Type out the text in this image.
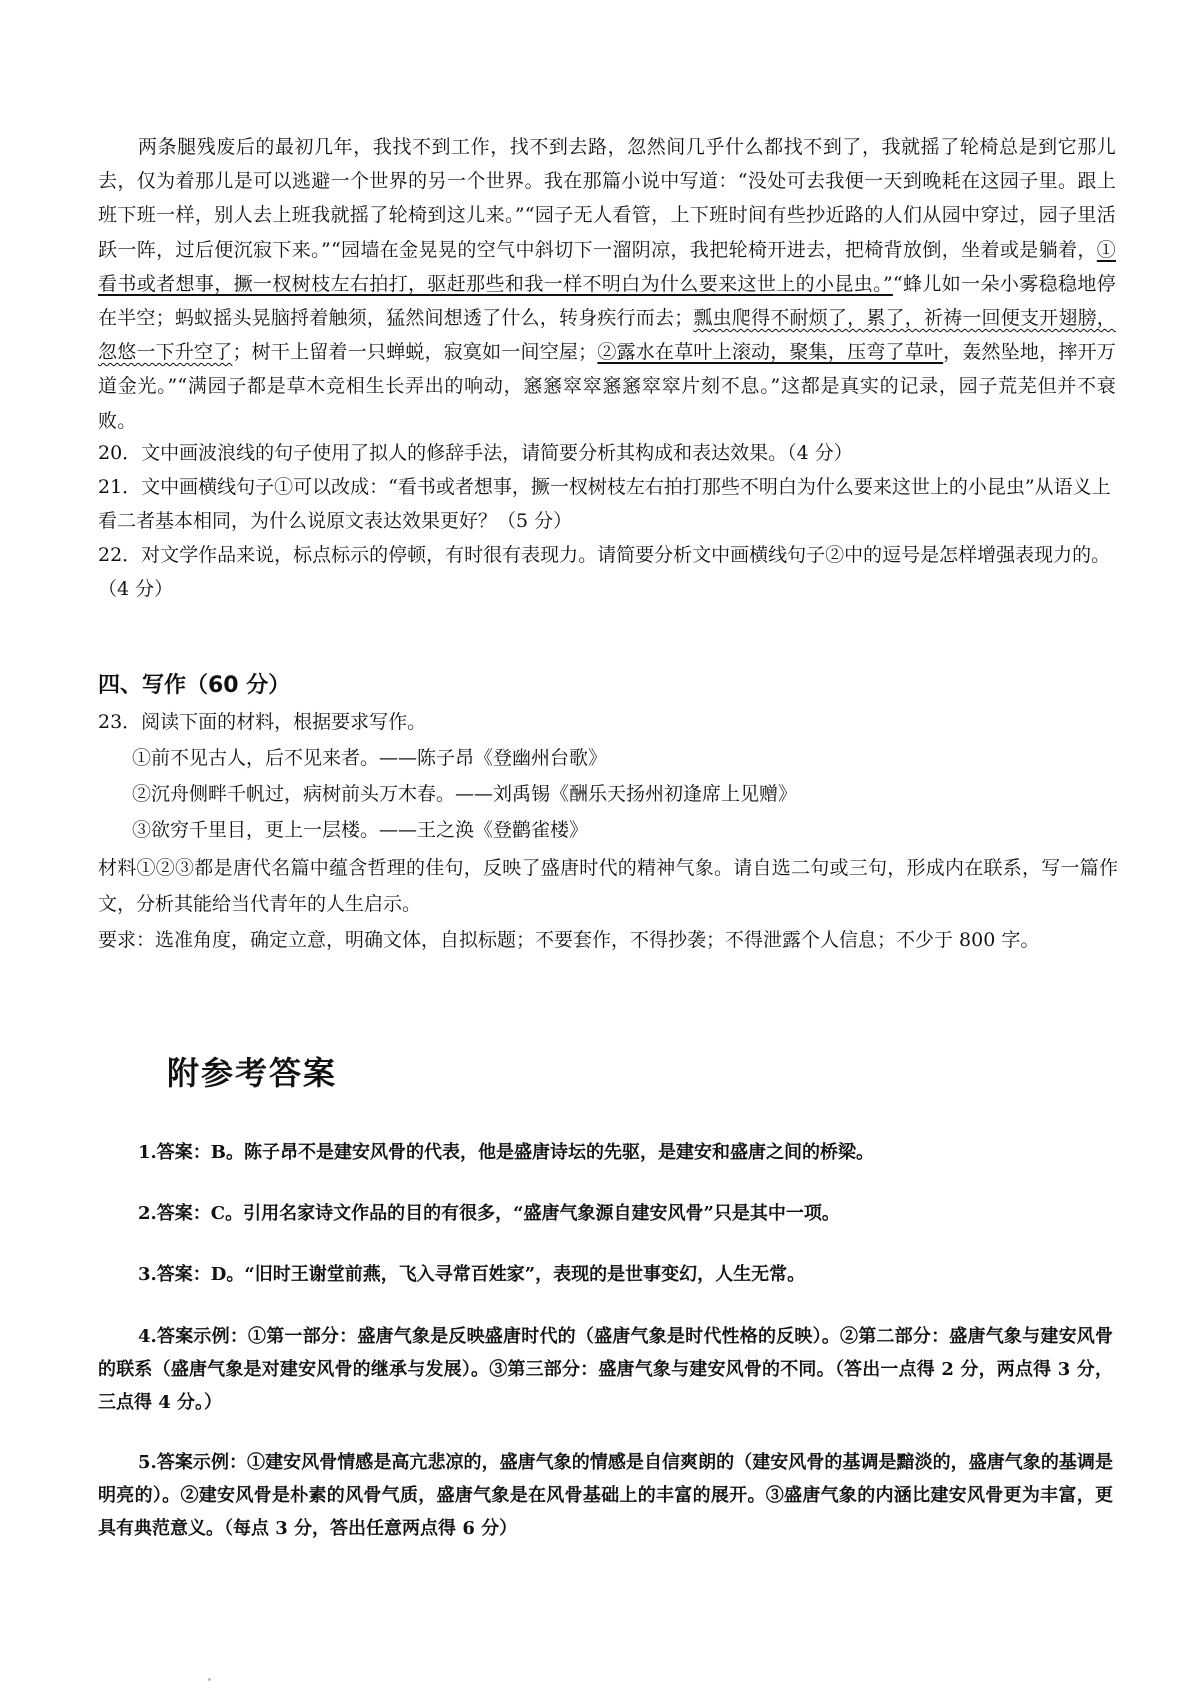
两条腿残废后的最初几年，我找不到工作，找不到去路，忽然间几乎什么都找不到了，我就摇了轮椅总是到它那儿去，仅为着那儿是可以逃避一个世界的另一个世界。我在那篇小说中写道：“没处可去我便一天到晚耗在这园子里。跟上班下班一样，别人去上班我就摇了轮椅到这儿来。”“园子无人看管，上下班时间有些抄近路的人们从园中穿过，园子里活跃一阵，过后便沉寂下来。”“园墙在金晃晃的空气中斜切下一溜阴凉，我把轮椅开进去，把椅背放倒，坐着或是躺着，①看书或者想事，撅一杈树枝左右拍打，驱赶那些和我一样不明白为什么要来这世上的小昆虫。”“蜂儿如一朵小雾稳稳地停在半空；蚂蚁摇头晃脑捋着触须，猛然间想透了什么，转身疾行而去；瓢虫爬得不耐烦了，累了，祈祷一回便支开翅膀，忽悠一下升空了；树干上留着一只蝉蜕，寂寞如一间空屋；②露水在草叶上滚动，聚集，压弯了草叶，轰然坠地，摔开万道金光。”“满园子都是草木竞相生长弄出的响动，窸窸窣窣窸窸窣窣片刻不息。”这都是真实的记录，园子荒芜但并不衰败。

20．文中画波浪线的句子使用了拟人的修辞手法，请简要分析其构成和表达效果。（4 分）

21．文中画横线句子①可以改成：“看书或者想事，撅一杈树枝左右拍打那些不明白为什么要来这世上的小昆虫”从语义上看二者基本相同，为什么说原文表达效果更好？（5 分）

22．对文学作品来说，标点标示的停顿，有时很有表现力。请简要分析文中画横线句子②中的逗号是怎样增强表现力的。（4 分）

四、写作（60 分）

23．阅读下面的材料，根据要求写作。

①前不见古人，后不见来者。——陈子昂《登幽州台歌》

②沉舟侧畔千帆过，病树前头万木春。——刘禹锡《酬乐天扬州初逢席上见赠》

③欲穷千里目，更上一层楼。——王之涣《登鹳雀楼》

材料①②③都是唐代名篇中蕴含哲理的佳句，反映了盛唐时代的精神气象。请自选二句或三句，形成内在联系，写一篇作文，分析其能给当代青年的人生启示。

要求：选准角度，确定立意，明确文体，自拟标题；不要套作，不得抄袭；不得泄露个人信息；不少于 800 字。

附参考答案

1.答案：B。陈子昂不是建安风骨的代表，他是盛唐诗坛的先驱，是建安和盛唐之间的桥梁。

2.答案：C。引用名家诗文作品的目的有很多，“盛唐气象源自建安风骨”只是其中一项。

3.答案：D。“旧时王谢堂前燕，飞入寻常百姓家”，表现的是世事变幻，人生无常。

4.答案示例：①第一部分：盛唐气象是反映盛唐时代的（盛唐气象是时代性格的反映）。②第二部分：盛唐气象与建安风骨的联系（盛唐气象是对建安风骨的继承与发展）。③第三部分：盛唐气象与建安风骨的不同。（答出一点得 2 分，两点得 3 分，三点得 4 分。）

5.答案示例：①建安风骨情感是高亢悲凉的，盛唐气象的情感是自信爽朗的（建安风骨的基调是黯淡的，盛唐气象的基调是明亮的）。②建安风骨是朴素的风骨气质，盛唐气象是在风骨基础上的丰富的展开。③盛唐气象的内涵比建安风骨更为丰富，更具有典范意义。（每点 3 分，答出任意两点得 6 分）
